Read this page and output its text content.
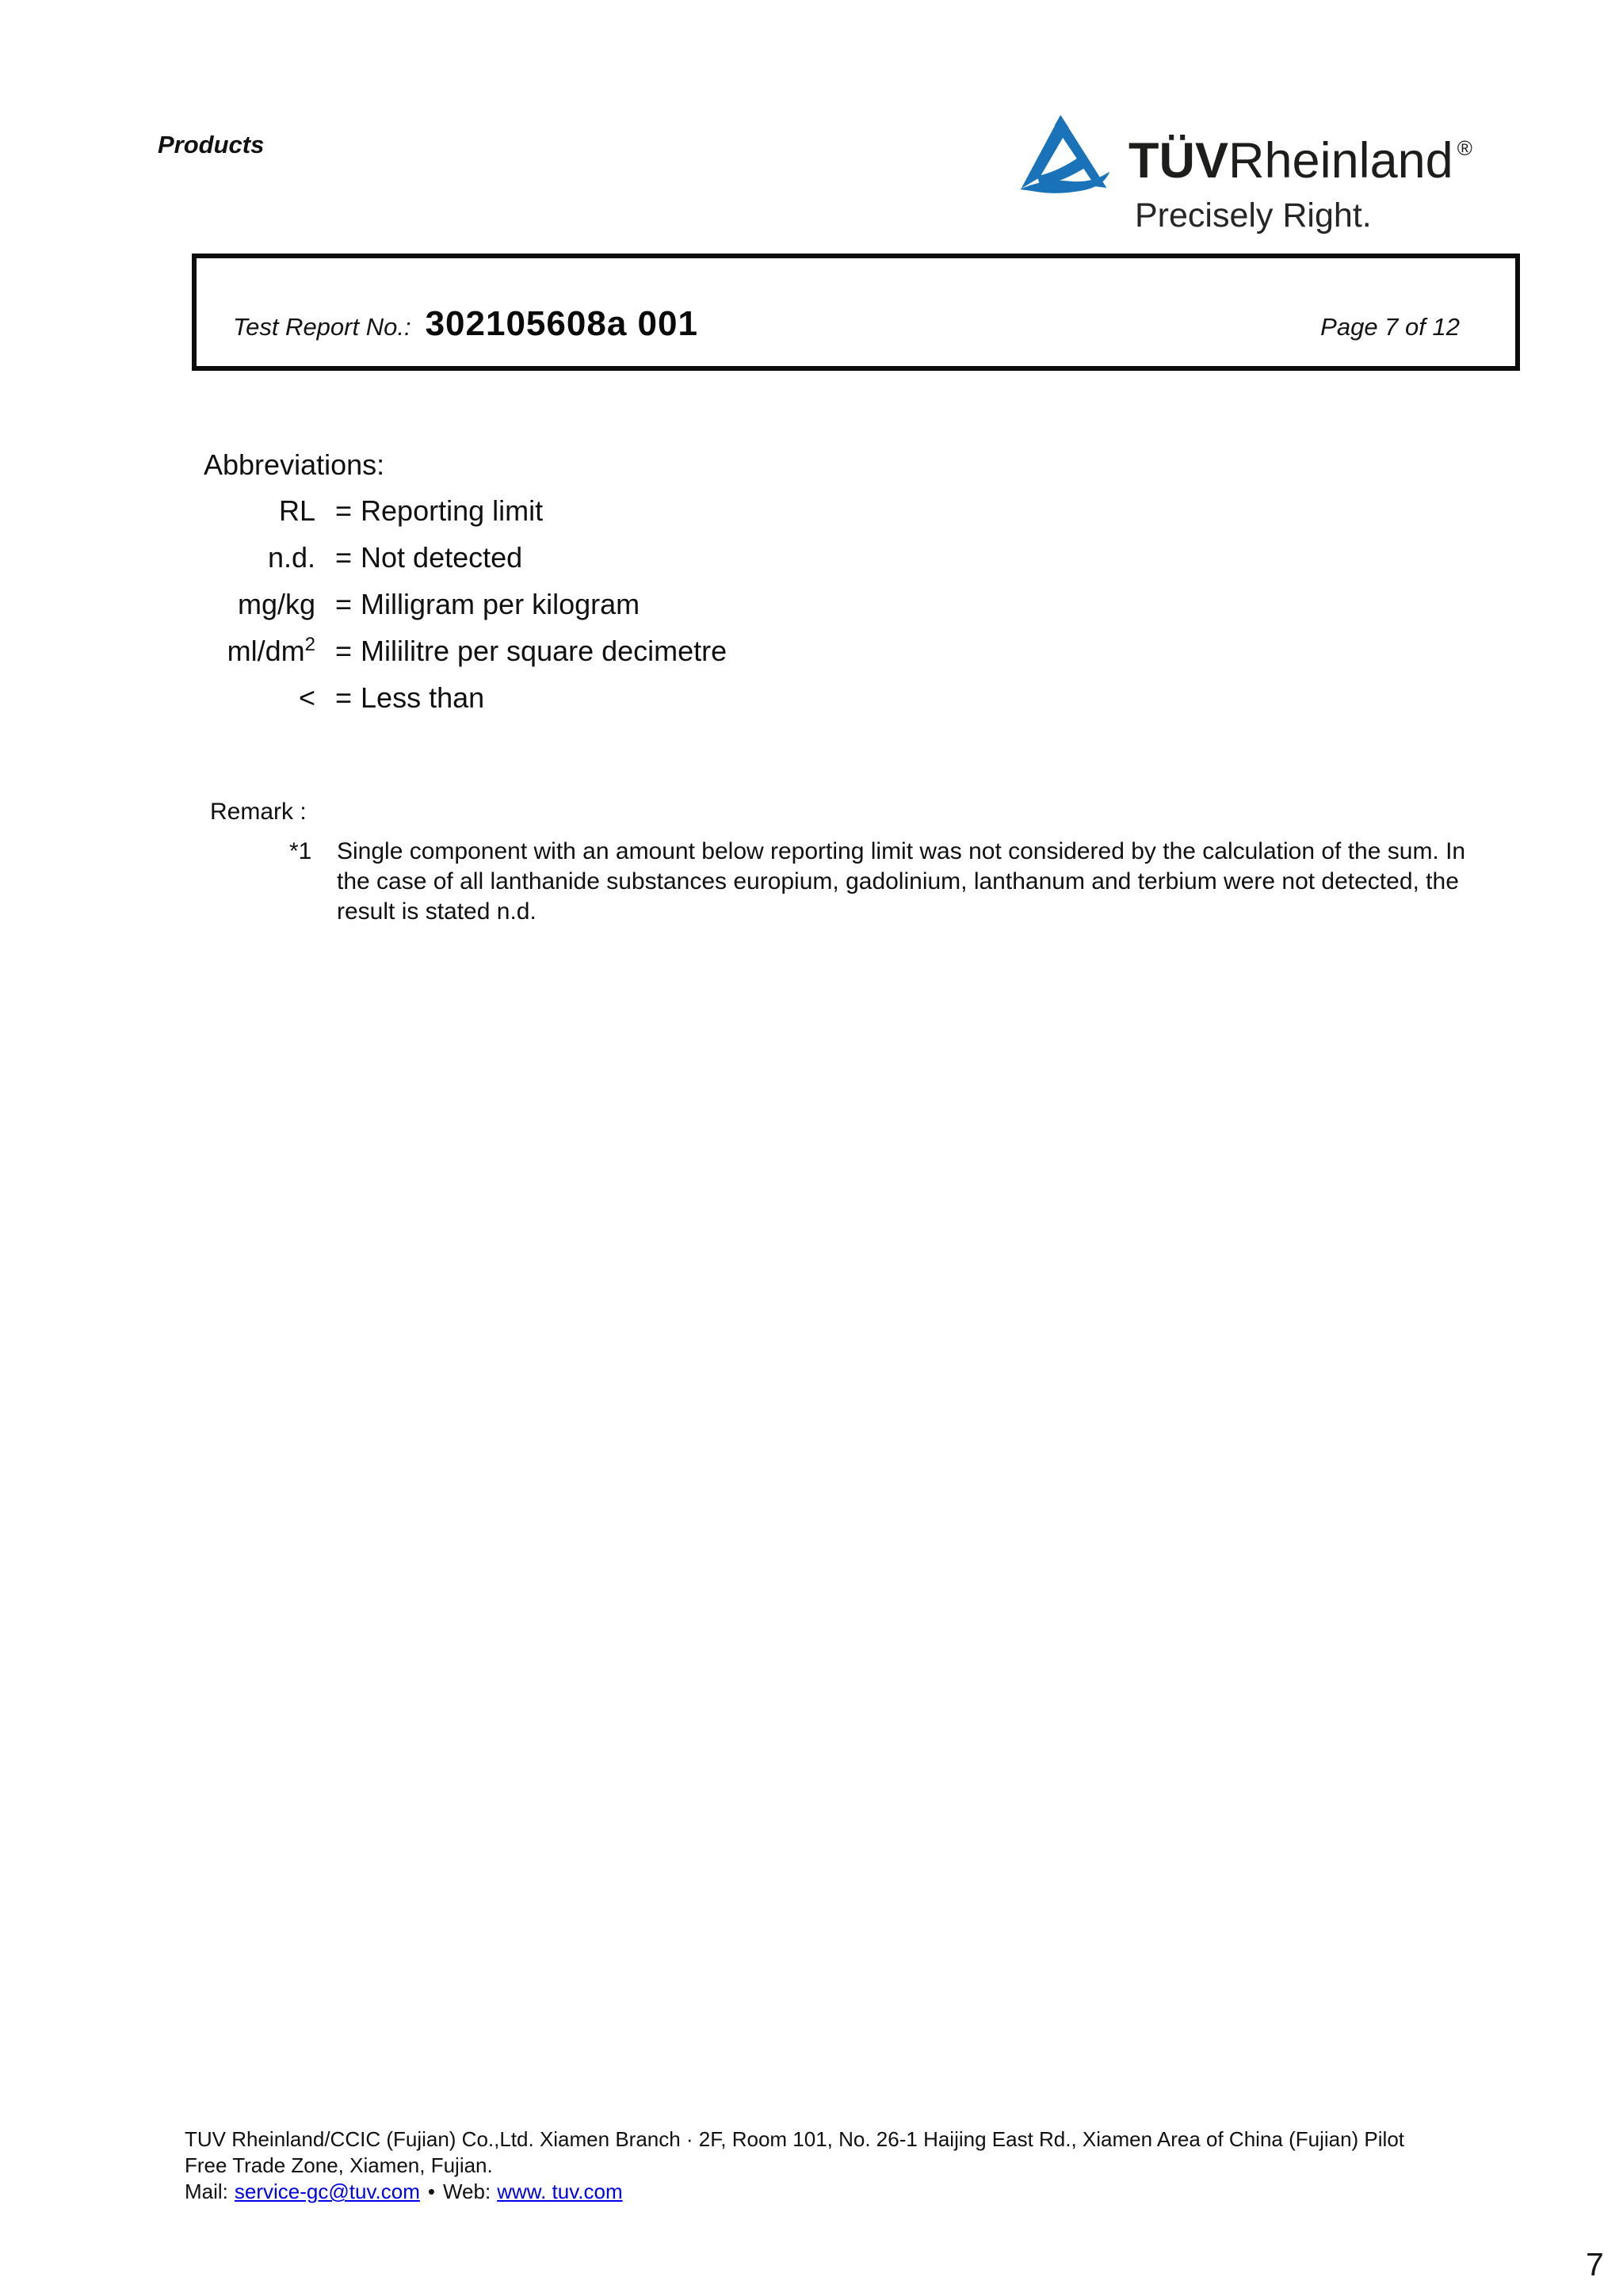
Products	TÜVRheinland ®
Precisely Right.
Test Report No.: 302105608a 001	Page 7 of 12
Abbreviations:
RL = Reporting limit
n.d. = Not detected
mg/kg = Milligram per kilogram
$ml/dm^2$ = Mililitre per square decimetre
< = Less than
Remark :
*1 Single component with an amount below reporting limit was not considered by the calculation of the sum. In the case of all lanthanide substances europium, gadolinium, lanthanum and terbium were not detected, the result is stated n.d.
TUV Rheinland/CCIC (Fujian) Co.,Ltd. Xiamen Branch · 2F, Room 101, No. 26-1 Haijing East Rd., Xiamen Area of China (Fujian) Pilot
Free Trade Zone, Xiamen, Fujian.
Mail: service-gc@tuv.com • Web: www. tuv.com
7
